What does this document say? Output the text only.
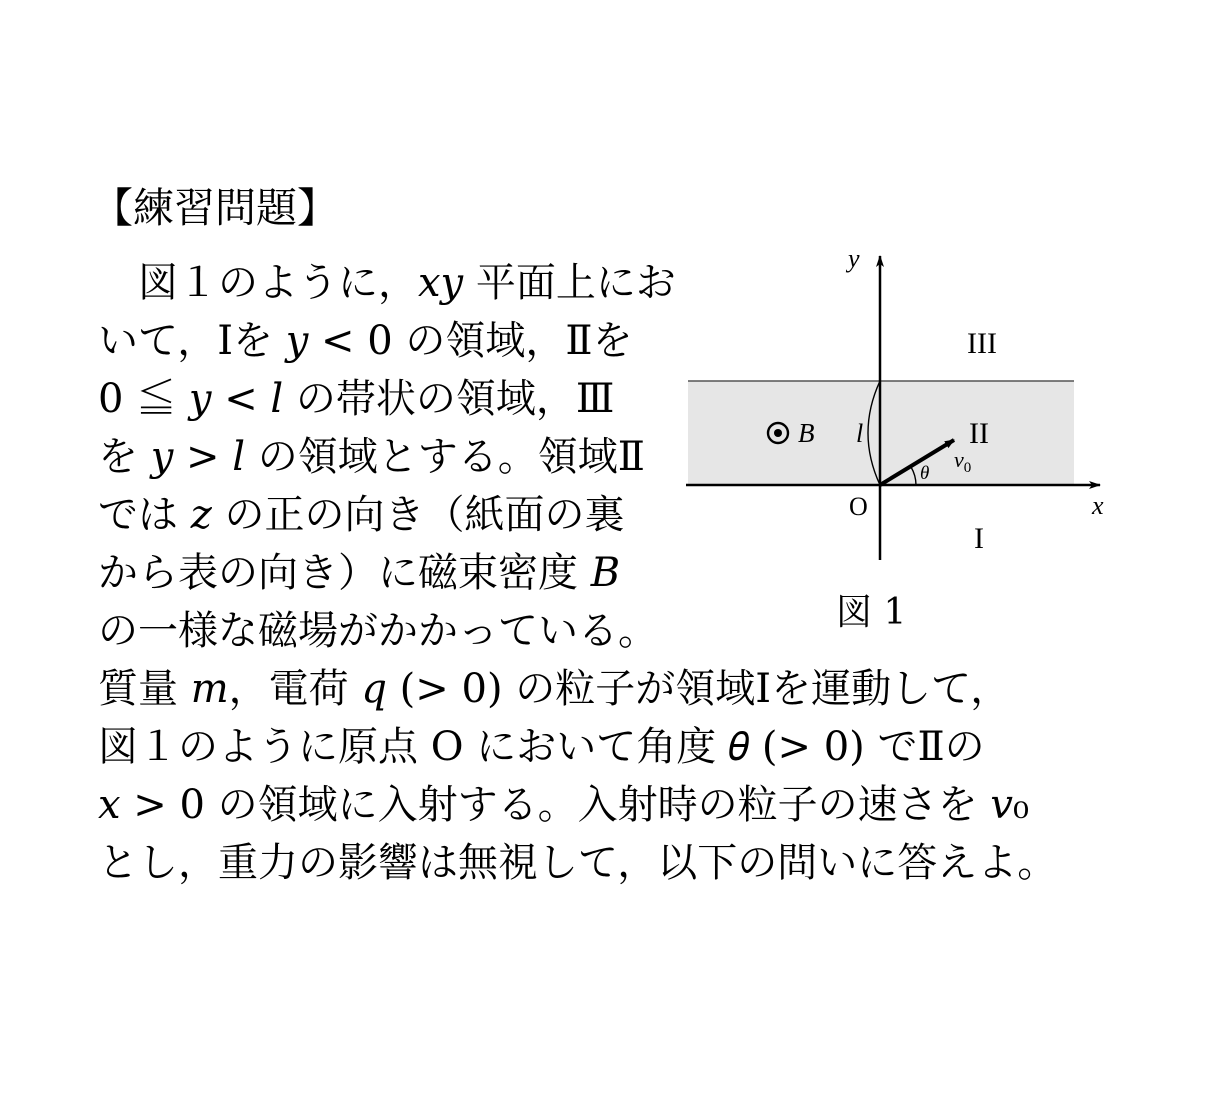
【練習問題】
　図１のように，𝑥𝑦 平面上にお
いて，Ⅰを 𝑦 < 0 の領域，Ⅱを
0 ≦ 𝑦 < 𝑙 の帯状の領域，Ⅲ
を 𝑦 > 𝑙 の領域とする。領域Ⅱ
では 𝑧 の正の向き（紙面の裏
から表の向き）に磁束密度 𝐵
の一様な磁場がかかっている。
質量 𝑚，電荷 𝑞 (> 0) の粒子が領域Ⅰを運動して，
図１のように原点 O において角度 𝜃 (> 0) でⅡの
𝑥 > 0 の領域に入射する。入射時の粒子の速さを 𝑣₀
とし，重力の影響は無視して，以下の問いに答えよ。
y
x
O
III
II
I
B l
θ
$v_0$
図 1
